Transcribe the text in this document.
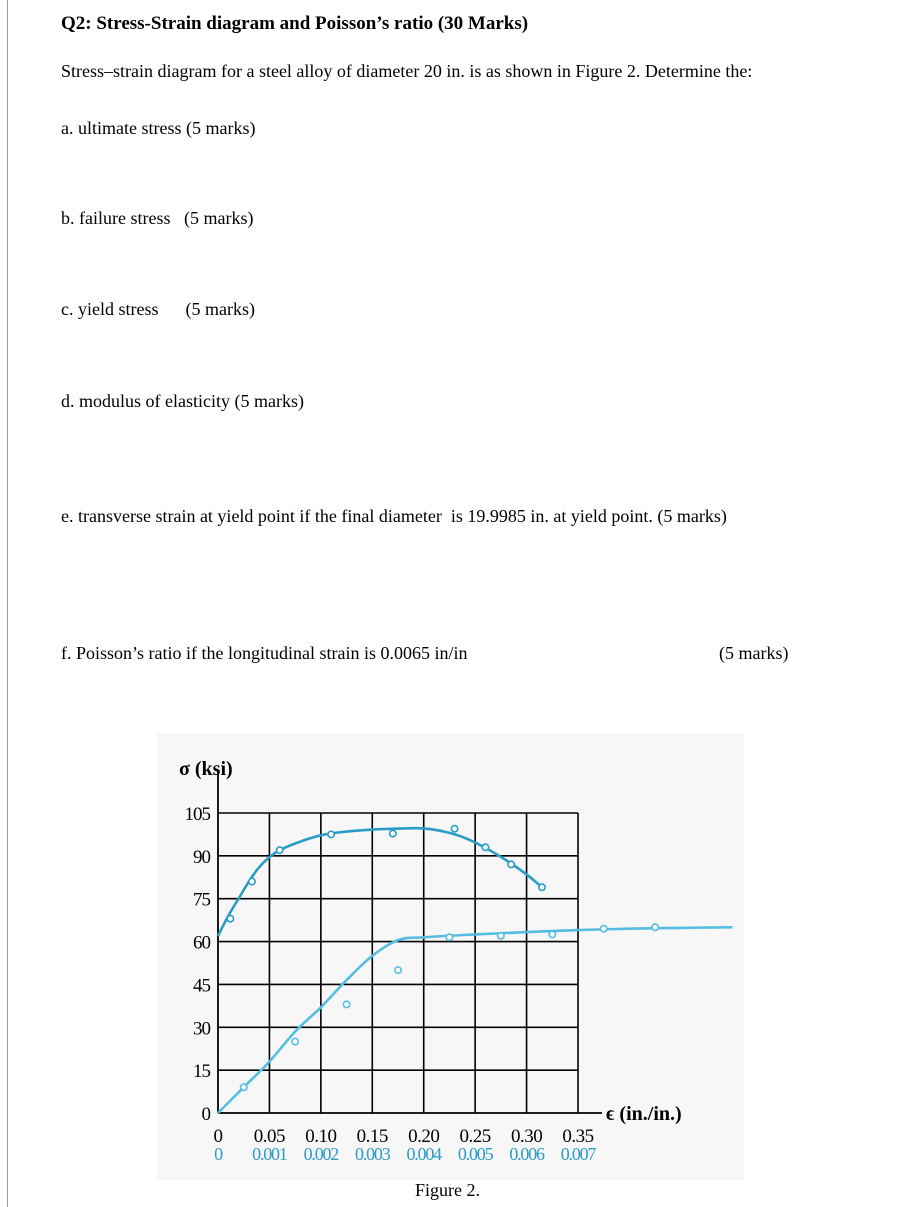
Q2: Stress-Strain diagram and Poisson’s ratio (30 Marks)
Stress–strain diagram for a steel alloy of diameter 20 in. is as shown in Figure 2. Determine the:
a. ultimate stress (5 marks)
b. failure stress   (5 marks)
c. yield stress      (5 marks)
d. modulus of elasticity (5 marks)
e. transverse strain at yield point if the final diameter  is 19.9985 in. at yield point. (5 marks)
f. Poisson’s ratio if the longitudinal strain is 0.0065 in/in	(5 marks)
0
15
30
45
60
75
90
105
σ (ksi)
ϵ (in./in.)
0 0.05 0.10 0.15 0.20 0.25 0.30 0.35
0 0.001 0.002 0.003 0.004 0.005 0.006 0.007
Figure 2.
